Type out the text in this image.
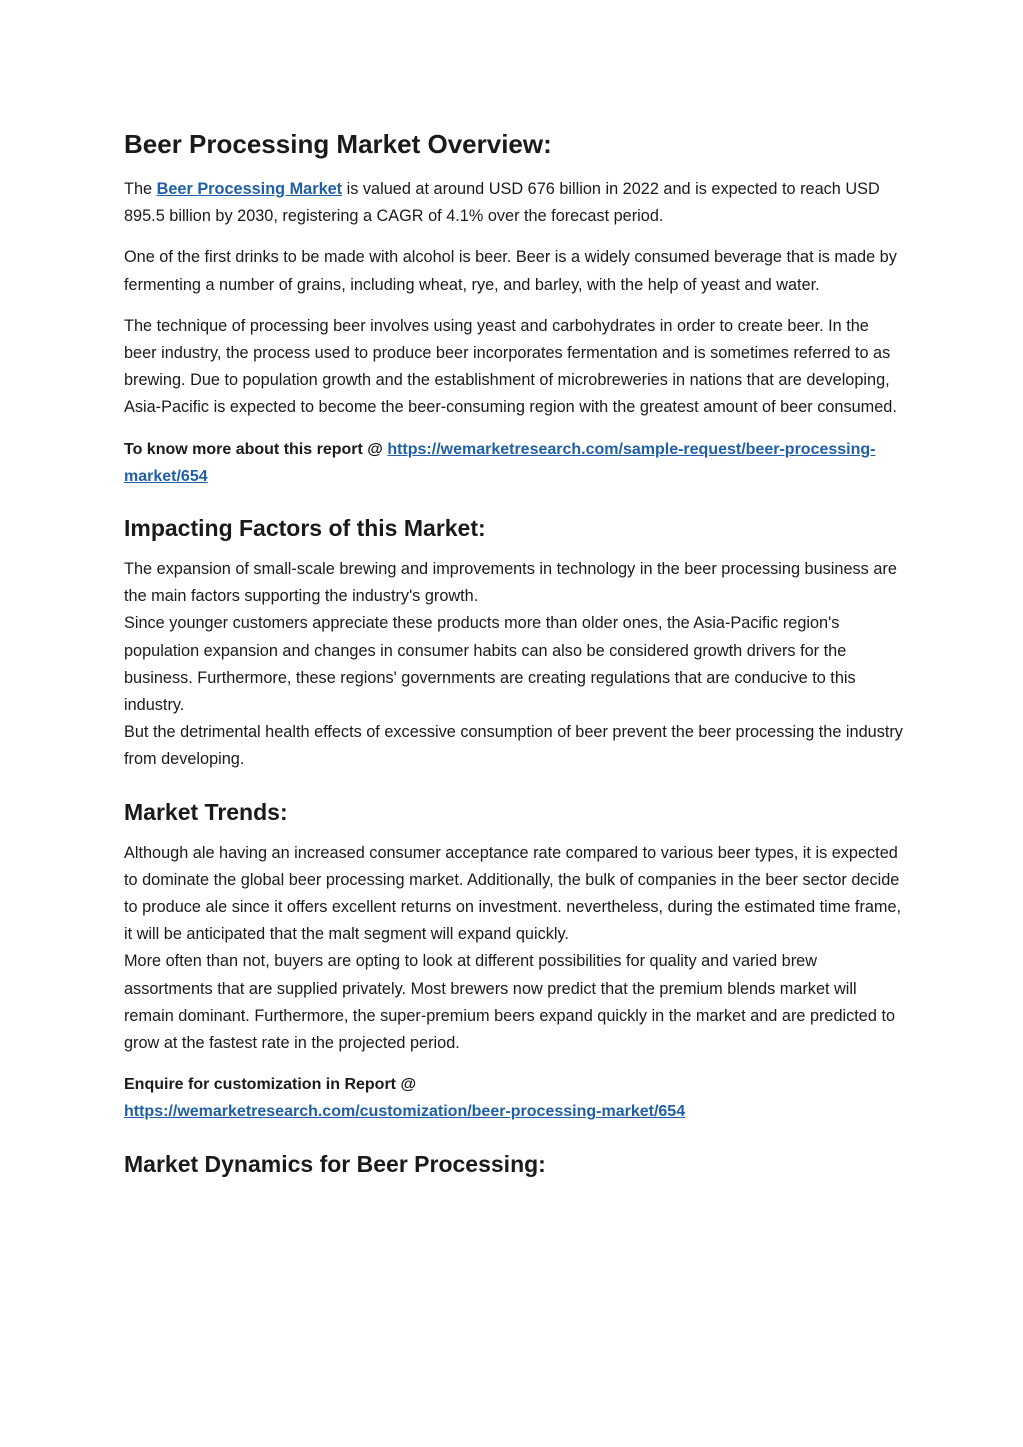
Beer Processing Market Overview:

The Beer Processing Market is valued at around USD 676 billion in 2022 and is expected to reach USD 895.5 billion by 2030, registering a CAGR of 4.1% over the forecast period.

One of the first drinks to be made with alcohol is beer. Beer is a widely consumed beverage that is made by fermenting a number of grains, including wheat, rye, and barley, with the help of yeast and water.

The technique of processing beer involves using yeast and carbohydrates in order to create beer. In the beer industry, the process used to produce beer incorporates fermentation and is sometimes referred to as brewing. Due to population growth and the establishment of microbreweries in nations that are developing, Asia-Pacific is expected to become the beer-consuming region with the greatest amount of beer consumed.

To know more about this report @ https://wemarketresearch.com/sample-request/beer-processing-market/654

Impacting Factors of this Market:

The expansion of small-scale brewing and improvements in technology in the beer processing business are the main factors supporting the industry's growth.
Since younger customers appreciate these products more than older ones, the Asia-Pacific region's population expansion and changes in consumer habits can also be considered growth drivers for the business. Furthermore, these regions' governments are creating regulations that are conducive to this industry.
But the detrimental health effects of excessive consumption of beer prevent the beer processing the industry from developing.

Market Trends:

Although ale having an increased consumer acceptance rate compared to various beer types, it is expected to dominate the global beer processing market. Additionally, the bulk of companies in the beer sector decide to produce ale since it offers excellent returns on investment. nevertheless, during the estimated time frame, it will be anticipated that the malt segment will expand quickly.
More often than not, buyers are opting to look at different possibilities for quality and varied brew assortments that are supplied privately. Most brewers now predict that the premium blends market will remain dominant. Furthermore, the super-premium beers expand quickly in the market and are predicted to grow at the fastest rate in the projected period.

Enquire for customization in Report @
https://wemarketresearch.com/customization/beer-processing-market/654

Market Dynamics for Beer Processing:
